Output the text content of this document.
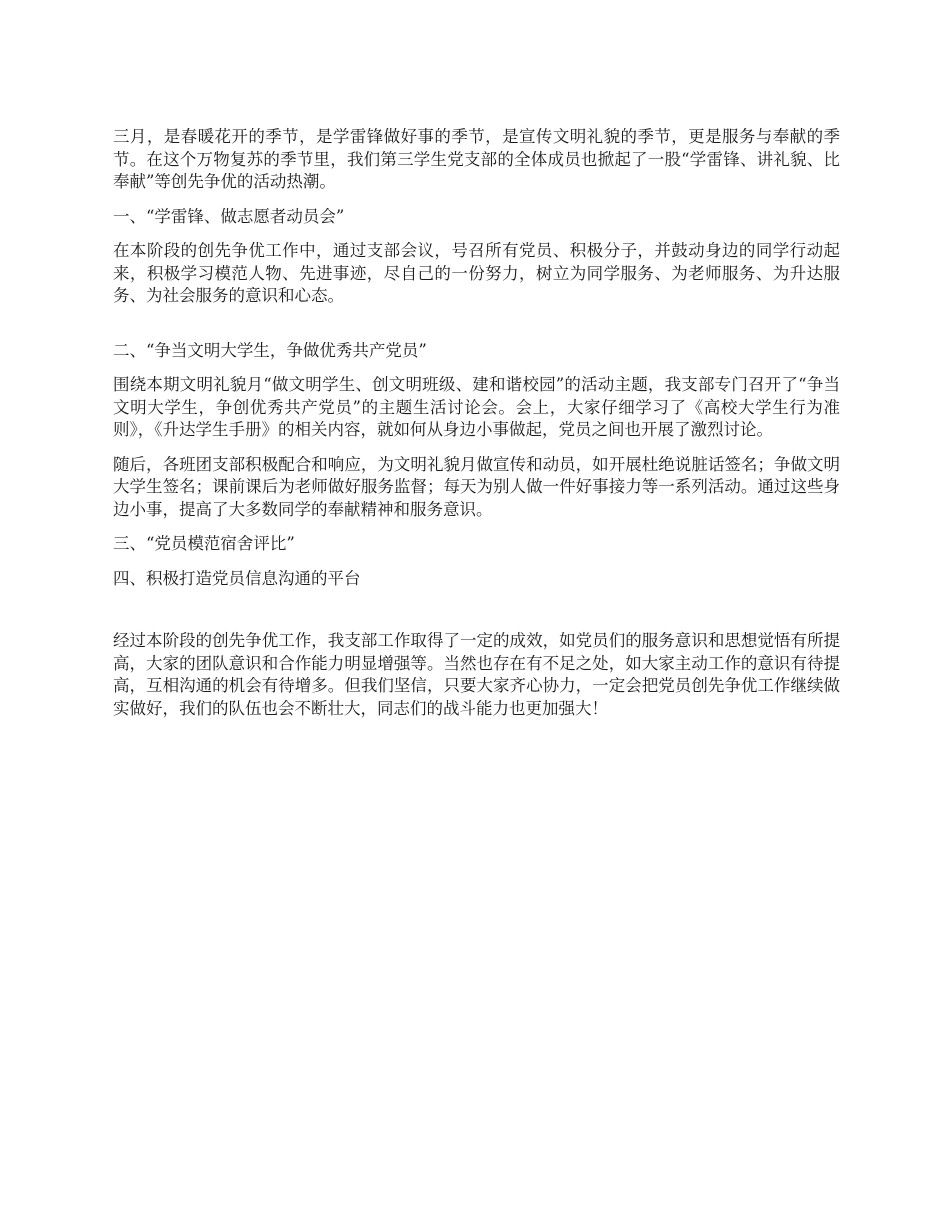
三月，是春暖花开的季节，是学雷锋做好事的季节，是宣传文明礼貌的季节，更是服务与奉献的季节。在这个万物复苏的季节里，我们第三学生党支部的全体成员也掀起了一股“学雷锋、讲礼貌、比奉献”等创先争优的活动热潮。

一、“学雷锋、做志愿者动员会”

在本阶段的创先争优工作中，通过支部会议，号召所有党员、积极分子，并鼓动身边的同学行动起来，积极学习模范人物、先进事迹，尽自己的一份努力，树立为同学服务、为老师服务、为升达服务、为社会服务的意识和心态。

二、“争当文明大学生，争做优秀共产党员”

围绕本期文明礼貌月“做文明学生、创文明班级、建和谐校园”的活动主题，我支部专门召开了“争当文明大学生，争创优秀共产党员”的主题生活讨论会。会上，大家仔细学习了《高校大学生行为准则》，《升达学生手册》的相关内容，就如何从身边小事做起，党员之间也开展了激烈讨论。

随后，各班团支部积极配合和响应，为文明礼貌月做宣传和动员，如开展杜绝说脏话签名；争做文明大学生签名；课前课后为老师做好服务监督；每天为别人做一件好事接力等一系列活动。通过这些身边小事，提高了大多数同学的奉献精神和服务意识。

三、“党员模范宿舍评比”

四、积极打造党员信息沟通的平台

经过本阶段的创先争优工作，我支部工作取得了一定的成效，如党员们的服务意识和思想觉悟有所提高，大家的团队意识和合作能力明显增强等。当然也存在有不足之处，如大家主动工作的意识有待提高，互相沟通的机会有待增多。但我们坚信，只要大家齐心协力，一定会把党员创先争优工作继续做实做好，我们的队伍也会不断壮大，同志们的战斗能力也更加强大！
